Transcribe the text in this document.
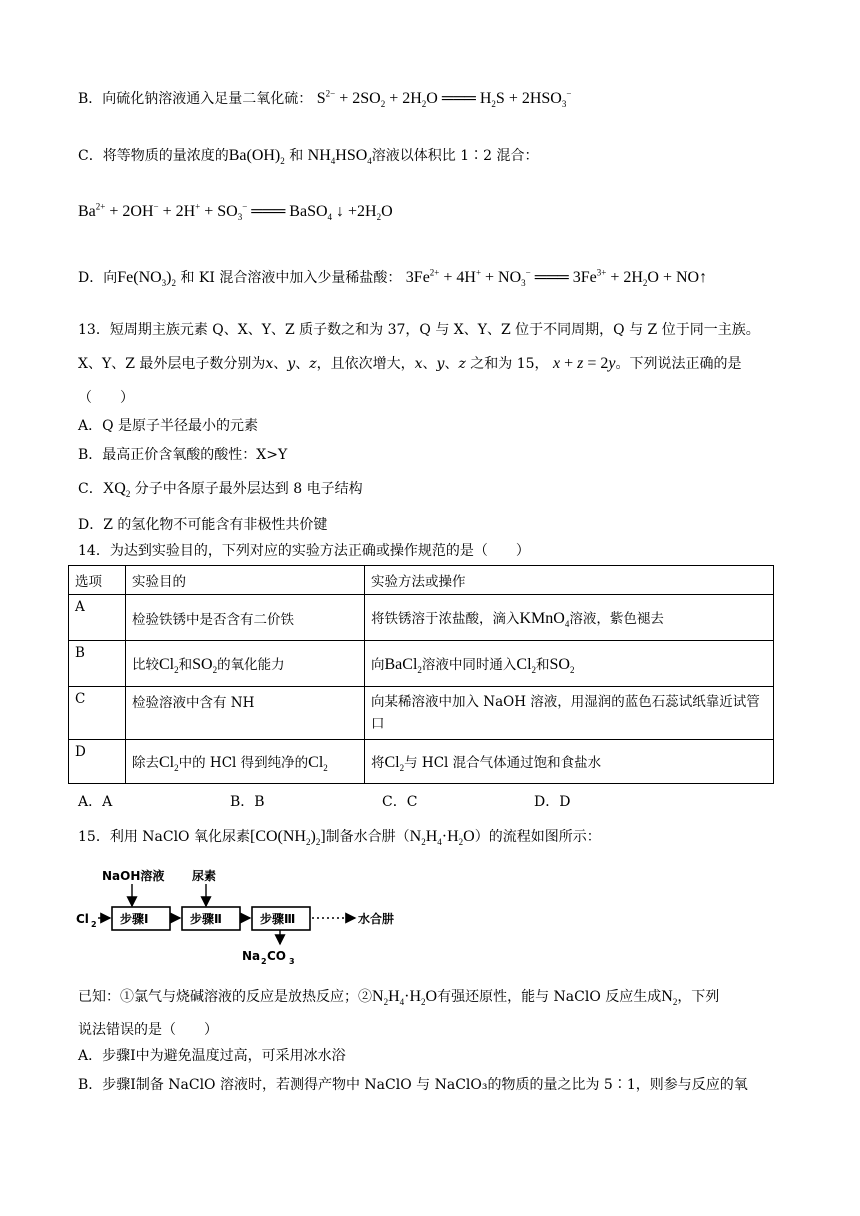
B．向硫化钠溶液通入足量二氧化硫： $S^{2-} + 2SO_2 + 2H_2O$ ═══ $H_2S + 2HSO_3^-$
C．将等物质的量浓度的$Ba(OH)_2$ 和 $NH_4HSO_4$溶液以体积比 1∶2 混合：
$Ba^{2+} + 2OH^- + 2H^+ + SO_3^-$ ═══ BaSO$_4$ ↓ $+2H_2O$
D．向$Fe(NO_3)_2$ 和 KI 混合溶液中加入少量稀盐酸： $3Fe^{2+} + 4H^+ + NO_3^-$ ═══ $3Fe^{3+} + 2H_2O$ + NO↑
13．短周期主族元素 Q、X、Y、Z 质子数之和为 37，Q 与 X、Y、Z 位于不同周期，Q 与 Z 位于同一主族。
X、Y、Z 最外层电子数分别为x、y、z，且依次增大，x、y、z 之和为 15， x + z = 2y。下列说法正确的是
（　　）
A．Q 是原子半径最小的元素
B．最高正价含氧酸的酸性：X>Y
C．$XQ_2$ 分子中各原子最外层达到 8 电子结构
D．Z 的氢化物不可能含有非极性共价键
14．为达到实验目的，下列对应的实验方法正确或操作规范的是（　　）
选项	实验目的	实验方法或操作
A	检验铁锈中是否含有二价铁	将铁锈溶于浓盐酸，滴入KMnO$_4$溶液，紫色褪去
B	比较$Cl_2$和$SO_2$的氧化能力	向BaCl$_2$溶液中同时通入$Cl_2$和$SO_2$
C	检验溶液中含有 NH	向某稀溶液中加入 NaOH 溶液，用湿润的蓝色石蕊试纸靠近试管口
D	除去$Cl_2$中的 HCl 得到纯净的$Cl_2$	将$Cl_2$与 HCl 混合气体通过饱和食盐水
A．A	B．B	C．C	D．D
15．利用 NaClO 氧化尿素$[CO(NH_2)_2]$制备水合肼$(N_2H_4\cdot H_2O)$的流程如图所示：
NaOH溶液 尿素
Cl 2 步骤Ⅰ	步骤Ⅱ	步骤Ⅲ	水合肼
Na 2 CO 3
已知：①氯气与烧碱溶液的反应是放热反应；$②N_2H_4\cdot H_2O$有强还原性，能与 NaClO 反应生成$N_2$，下列
说法错误的是（　　）
A．步骤Ⅰ中为避免温度过高，可采用冰水浴
B．步骤Ⅰ制备 NaClO 溶液时，若测得产物中 NaClO 与 NaClO₃的物质的量之比为 5∶1，则参与反应的氧
